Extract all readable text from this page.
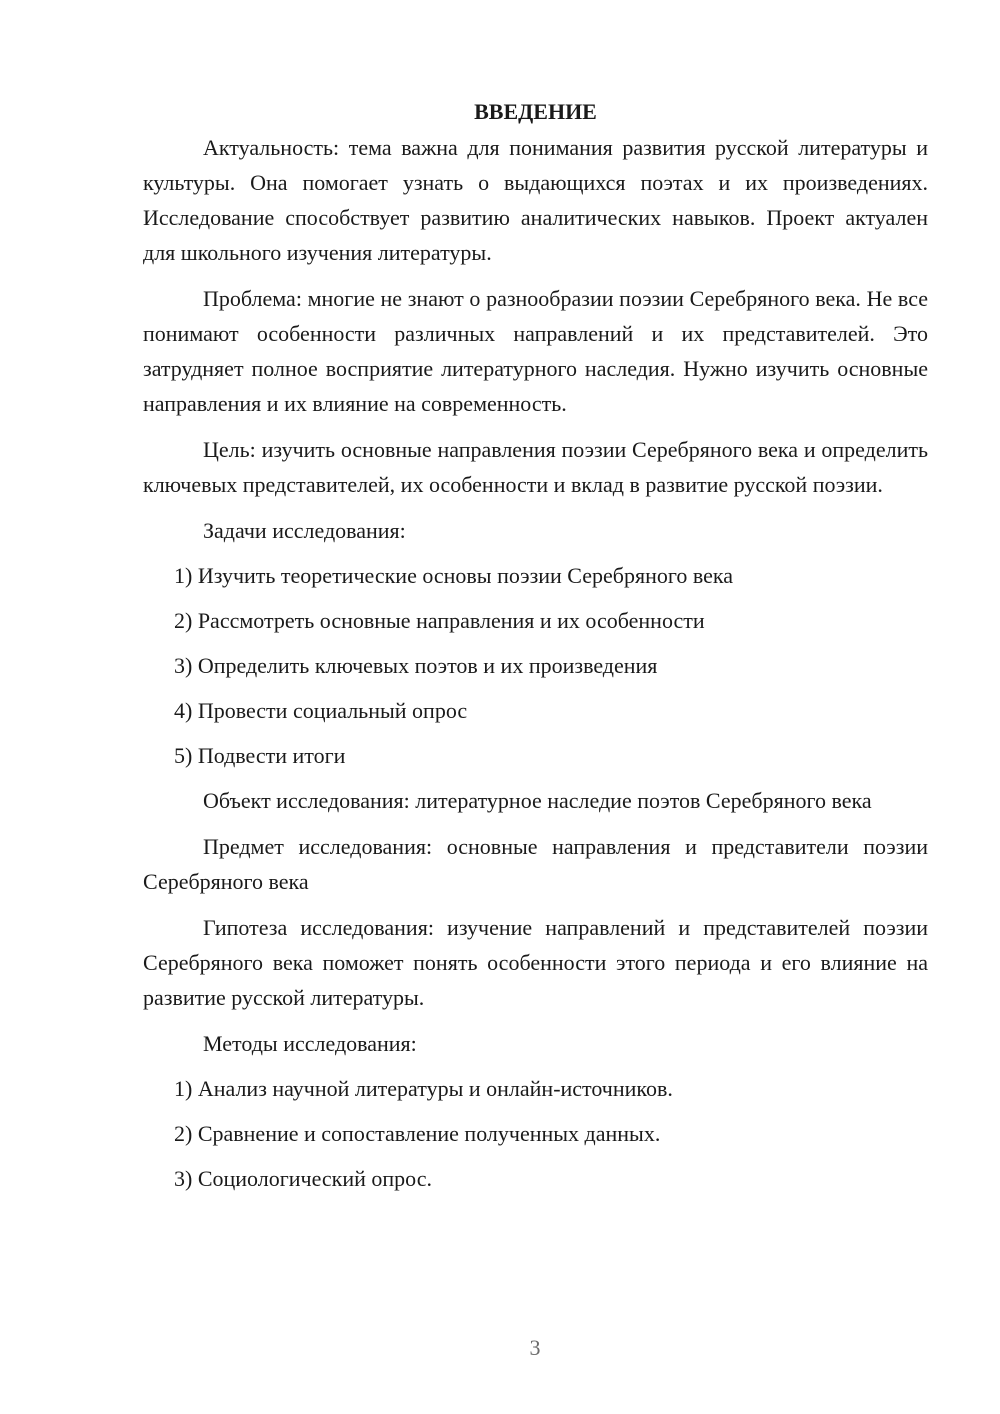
ВВЕДЕНИЕ

Актуальность: тема важна для понимания развития русской литературы и культуры. Она помогает узнать о выдающихся поэтах и их произведениях. Исследование способствует развитию аналитических навыков. Проект актуален для школьного изучения литературы.

Проблема: многие не знают о разнообразии поэзии Серебряного века. Не все понимают особенности различных направлений и их представителей. Это затрудняет полное восприятие литературного наследия. Нужно изучить основные направления и их влияние на современность.

Цель: изучить основные направления поэзии Серебряного века и определить ключевых представителей, их особенности и вклад в развитие русской поэзии.

Задачи исследования:

1) Изучить теоретические основы поэзии Серебряного века
2) Рассмотреть основные направления и их особенности
3) Определить ключевых поэтов и их произведения
4) Провести социальный опрос
5) Подвести итоги

Объект исследования: литературное наследие поэтов Серебряного века

Предмет исследования: основные направления и представители поэзии Серебряного века

Гипотеза исследования: изучение направлений и представителей поэзии Серебряного века поможет понять особенности этого периода и его влияние на развитие русской литературы.

Методы исследования:

1) Анализ научной литературы и онлайн-источников.
2) Сравнение и сопоставление полученных данных.
3) Социологический опрос.
3
